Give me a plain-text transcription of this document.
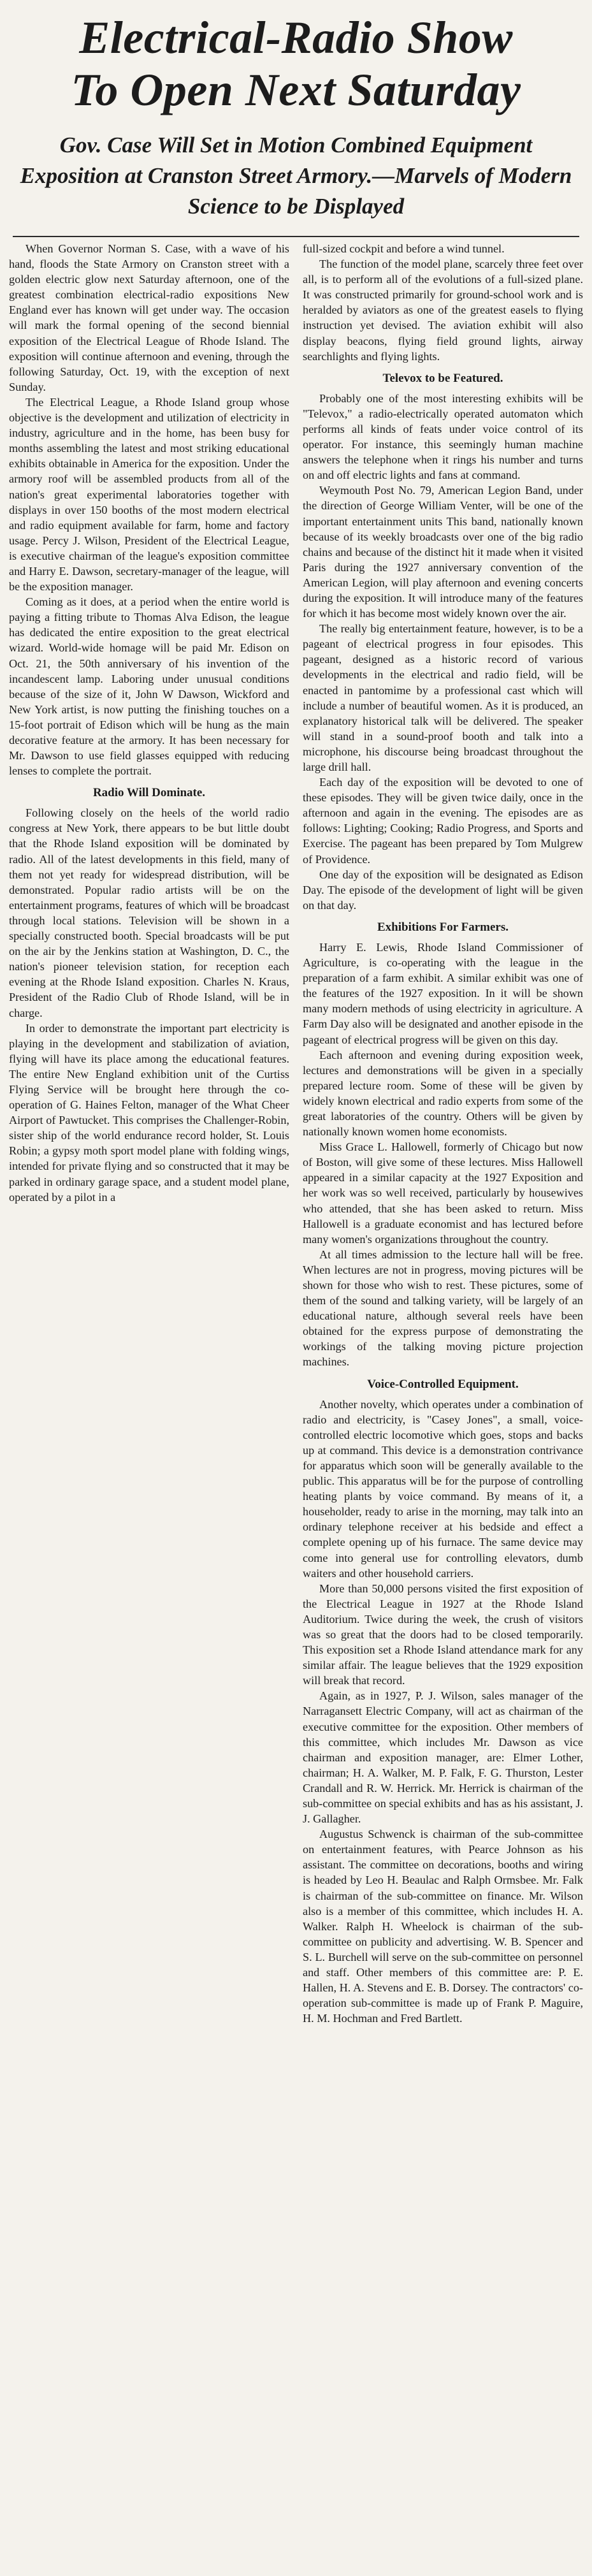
Electrical-Radio Show
To Open Next Saturday
Gov. Case Will Set in Motion Combined Equipment Exposition at Cranston Street Armory.—Marvels of Modern Science to be Displayed

When Governor Norman S. Case, with a wave of his hand, floods the State Armory on Cranston street with a golden electric glow next Saturday afternoon, one of the greatest combination electrical-radio expositions New England ever has known will get under way. The occasion will mark the formal opening of the second biennial exposition of the Electrical League of Rhode Island. The exposition will continue afternoon and evening, through the following Saturday, Oct. 19, with the exception of next Sunday.

The Electrical League, a Rhode Island group whose objective is the development and utilization of electricity in industry, agriculture and in the home, has been busy for months assembling the latest and most striking educational exhibits obtainable in America for the exposition. Under the armory roof will be assembled products from all of the nation's great experimental laboratories together with displays in over 150 booths of the most modern electrical and radio equipment available for farm, home and factory usage. Percy J. Wilson, President of the Electrical League, is executive chairman of the league's exposition committee and Harry E. Dawson, secretary-manager of the league, will be the exposition manager.

Coming as it does, at a period when the entire world is paying a fitting tribute to Thomas Alva Edison, the league has dedicated the entire exposition to the great electrical wizard. World-wide homage will be paid Mr. Edison on Oct. 21, the 50th anniversary of his invention of the incandescent lamp. Laboring under unusual conditions because of the size of it, John W Dawson, Wickford and New York artist, is now putting the finishing touches on a 15-foot portrait of Edison which will be hung as the main decorative feature at the armory. It has been necessary for Mr. Dawson to use field glasses equipped with reducing lenses to complete the portrait.

Radio Will Dominate.

Following closely on the heels of the world radio congress at New York, there appears to be but little doubt that the Rhode Island exposition will be dominated by radio. All of the latest developments in this field, many of them not yet ready for widespread distribution, will be demonstrated. Popular radio artists will be on the entertainment programs, features of which will be broadcast through local stations. Television will be shown in a specially constructed booth. Special broadcasts will be put on the air by the Jenkins station at Washington, D. C., the nation's pioneer television station, for reception each evening at the Rhode Island exposition. Charles N. Kraus, President of the Radio Club of Rhode Island, will be in charge.

In order to demonstrate the important part electricity is playing in the development and stabilization of aviation, flying will have its place among the educational features. The entire New England exhibition unit of the Curtiss Flying Service will be brought here through the co-operation of G. Haines Felton, manager of the What Cheer Airport of Pawtucket. This comprises the Challenger-Robin, sister ship of the world endurance record holder, St. Louis Robin; a gypsy moth sport model plane with folding wings, intended for private flying and so constructed that it may be parked in ordinary garage space, and a student model plane, operated by a pilot in a

full-sized cockpit and before a wind tunnel.

The function of the model plane, scarcely three feet over all, is to perform all of the evolutions of a full-sized plane. It was constructed primarily for ground-school work and is heralded by aviators as one of the greatest easels to flying instruction yet devised. The aviation exhibit will also display beacons, flying field ground lights, airway searchlights and flying lights.

Televox to be Featured.

Probably one of the most interesting exhibits will be "Televox," a radio-electrically operated automaton which performs all kinds of feats under voice control of its operator. For instance, this seemingly human machine answers the telephone when it rings his number and turns on and off electric lights and fans at command.

Weymouth Post No. 79, American Legion Band, under the direction of George William Venter, will be one of the important entertainment units This band, nationally known because of its weekly broadcasts over one of the big radio chains and because of the distinct hit it made when it visited Paris during the 1927 anniversary convention of the American Legion, will play afternoon and evening concerts during the exposition. It will introduce many of the features for which it has become most widely known over the air.

The really big entertainment feature, however, is to be a pageant of electrical progress in four episodes. This pageant, designed as a historic record of various developments in the electrical and radio field, will be enacted in pantomime by a professional cast which will include a number of beautiful women. As it is produced, an explanatory historical talk will be delivered. The speaker will stand in a sound-proof booth and talk into a microphone, his discourse being broadcast throughout the large drill hall.

Each day of the exposition will be devoted to one of these episodes. They will be given twice daily, once in the afternoon and again in the evening. The episodes are as follows: Lighting; Cooking; Radio Progress, and Sports and Exercise. The pageant has been prepared by Tom Mulgrew of Providence.

One day of the exposition will be designated as Edison Day. The episode of the development of light will be given on that day.

Exhibitions For Farmers.

Harry E. Lewis, Rhode Island Commissioner of Agriculture, is co-operating with the league in the preparation of a farm exhibit. A similar exhibit was one of the features of the 1927 exposition. In it will be shown many modern methods of using electricity in agriculture. A Farm Day also will be designated and another episode in the pageant of electrical progress will be given on this day.

Each afternoon and evening during exposition week, lectures and demonstrations will be given in a specially prepared lecture room. Some of these will be given by widely known electrical and radio experts from some of the great laboratories of the country. Others will be given by nationally known women home economists.

Miss Grace L. Hallowell, formerly of Chicago but now of Boston, will give some of these lectures. Miss Hallowell appeared in a similar capacity at the 1927 Exposition and her work was so well received, particularly by housewives who attended, that she has been asked to return. Miss Hallowell is a graduate economist and has lectured before many women's organizations throughout the country.

At all times admission to the lecture hall will be free. When lectures are not in progress, moving pictures will be shown for those who wish to rest. These pictures, some of them of the sound and talking variety, will be largely of an educational nature, although several reels have been obtained for the express purpose of demonstrating the workings of the talking moving picture projection machines.

Voice-Controlled Equipment.

Another novelty, which operates under a combination of radio and electricity, is "Casey Jones", a small, voice-controlled electric locomotive which goes, stops and backs up at command. This device is a demonstration contrivance for apparatus which soon will be generally available to the public. This apparatus will be for the purpose of controlling heating plants by voice command. By means of it, a householder, ready to arise in the morning, may talk into an ordinary telephone receiver at his bedside and effect a complete opening up of his furnace. The same device may come into general use for controlling elevators, dumb waiters and other household carriers.

More than 50,000 persons visited the first exposition of the Electrical League in 1927 at the Rhode Island Auditorium. Twice during the week, the crush of visitors was so great that the doors had to be closed temporarily. This exposition set a Rhode Island attendance mark for any similar affair. The league believes that the 1929 exposition will break that record.

Again, as in 1927, P. J. Wilson, sales manager of the Narragansett Electric Company, will act as chairman of the executive committee for the exposition. Other members of this committee, which includes Mr. Dawson as vice chairman and exposition manager, are: Elmer Lother, chairman; H. A. Walker, M. P. Falk, F. G. Thurston, Lester Crandall and R. W. Herrick. Mr. Herrick is chairman of the sub-committee on special exhibits and has as his assistant, J. J. Gallagher.

Augustus Schwenck is chairman of the sub-committee on entertainment features, with Pearce Johnson as his assistant. The committee on decorations, booths and wiring is headed by Leo H. Beaulac and Ralph Ormsbee. Mr. Falk is chairman of the sub-committee on finance. Mr. Wilson also is a member of this committee, which includes H. A. Walker. Ralph H. Wheelock is chairman of the sub-committee on publicity and advertising. W. B. Spencer and S. L. Burchell will serve on the sub-committee on personnel and staff. Other members of this committee are: P. E. Hallen, H. A. Stevens and E. B. Dorsey. The contractors' co-operation sub-committee is made up of Frank P. Maguire, H. M. Hochman and Fred Bartlett.
